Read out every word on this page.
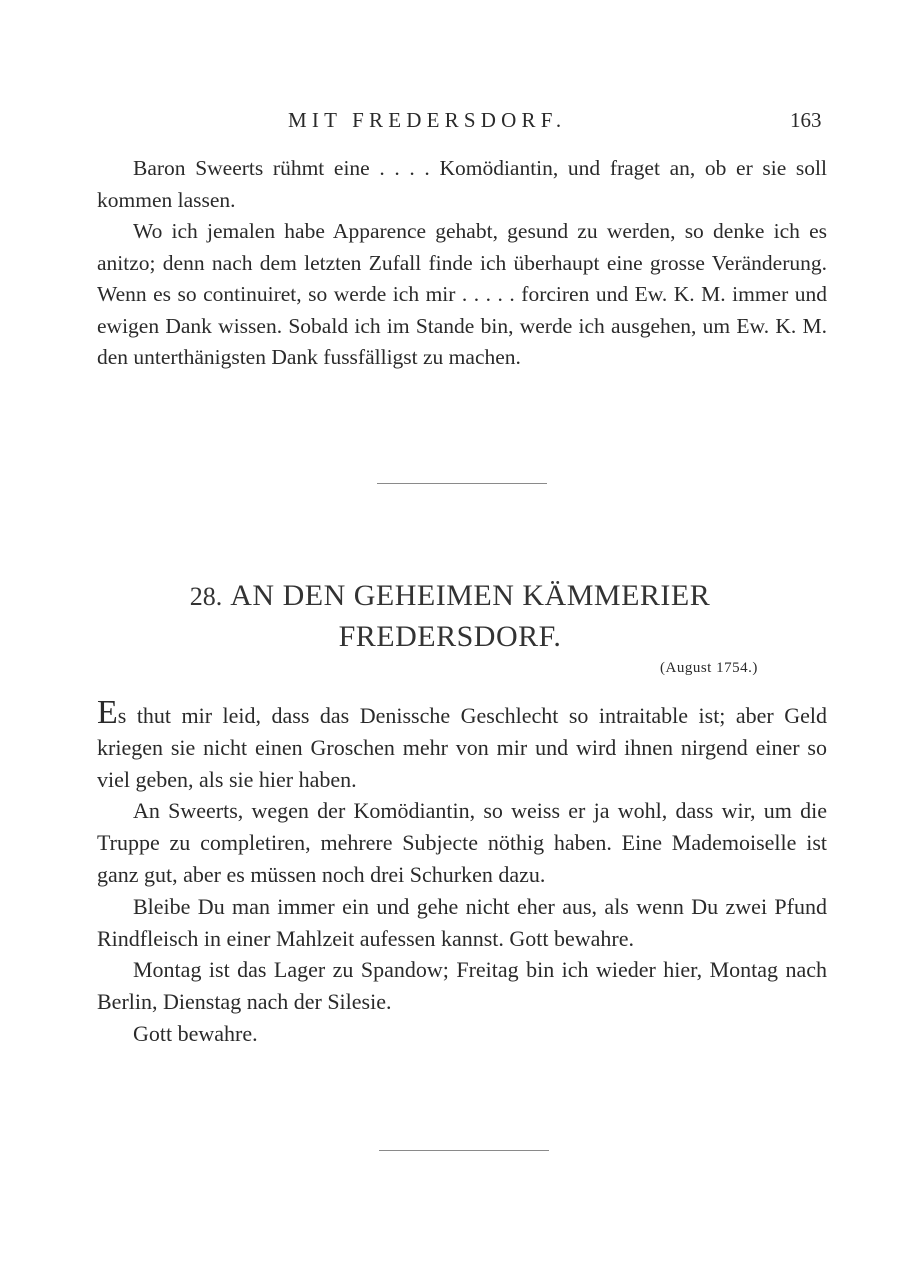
MIT FREDERSDORF.	163

Baron Sweerts rühmt eine . . . . Komödiantin, und fraget an, ob er sie soll kommen lassen.

Wo ich jemalen habe Apparence gehabt, gesund zu werden, so denke ich es anitzo; denn nach dem letzten Zufall finde ich überhaupt eine grosse Veränderung. Wenn es so continuiret, so werde ich mir . . . . . forciren und Ew. K. M. immer und ewigen Dank wissen. Sobald ich im Stande bin, werde ich ausgehen, um Ew. K. M. den unterthänigsten Dank fussfälligst zu machen.

28. AN DEN GEHEIMEN KÄMMERIER
FREDERSDORF.
(August 1754.)

Es thut mir leid, dass das Denissche Geschlecht so intraitable ist; aber Geld kriegen sie nicht einen Groschen mehr von mir und wird ihnen nirgend einer so viel geben, als sie hier haben.

An Sweerts, wegen der Komödiantin, so weiss er ja wohl, dass wir, um die Truppe zu completiren, mehrere Subjecte nöthig haben. Eine Mademoiselle ist ganz gut, aber es müssen noch drei Schurken dazu.

Bleibe Du man immer ein und gehe nicht eher aus, als wenn Du zwei Pfund Rindfleisch in einer Mahlzeit aufessen kannst. Gott bewahre.

Montag ist das Lager zu Spandow; Freitag bin ich wieder hier, Montag nach Berlin, Dienstag nach der Silesie.

Gott bewahre.
